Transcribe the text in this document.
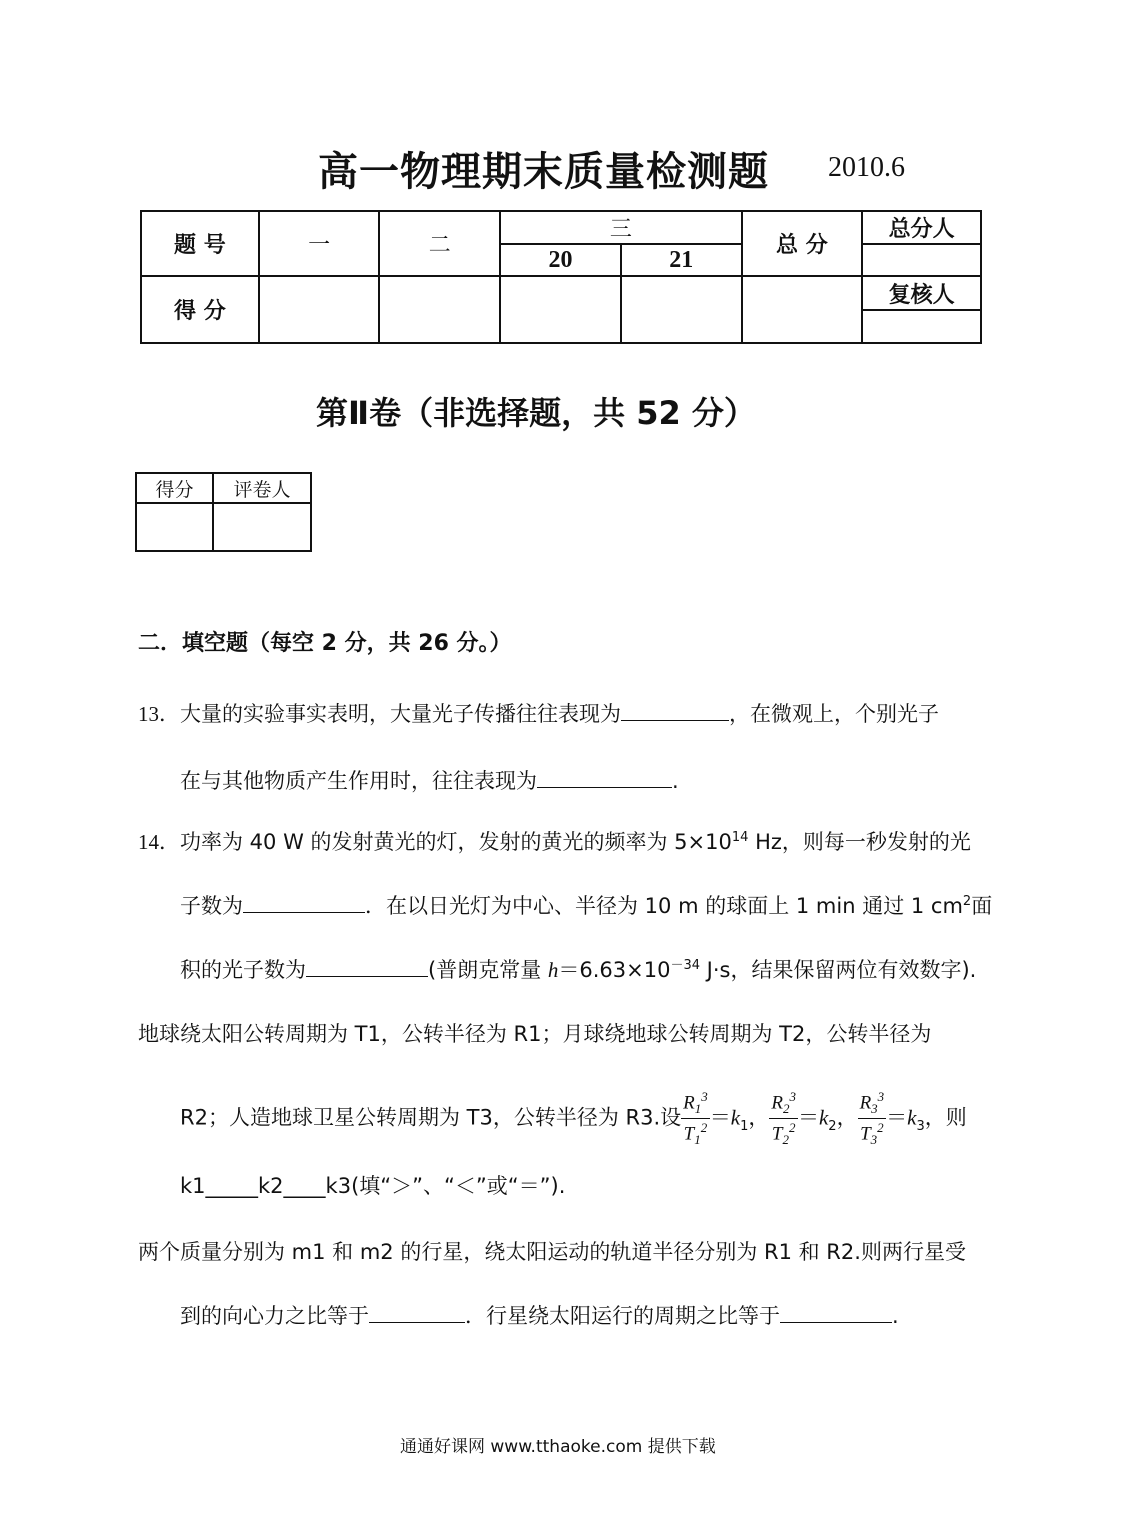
高一物理期末质量检测题 2010.6
题 号	一	二	三		总 分	总分人
			20	21		
得 分						复核人

第Ⅱ卷（非选择题，共 52 分）
得分	评卷人

二．填空题（每空 2 分，共 26 分。）
13．大量的实验事实表明，大量光子传播往往表现为	，在微观上，个别光子
在与其他物质产生作用时，往往表现为	.
14．功率为 40 W 的发射黄光的灯，发射的黄光的频率为 $5\times 10^{14}$ Hz，则每一秒发射的光
子数为	．在以日光灯为中心、半径为 10 m 的球面上 1 min 通过 1 $cm^2$面
积的光子数为	(普朗克常量 $h=6.63\times 10^{-34}$ J·s，结果保留两位有效数字).
地球绕太阳公转周期为 T1，公转半径为 R1；月球绕地球公转周期为 T2，公转半径为
R2；人造地球卫星公转周期为 T3，公转半径为 R3.设 $\frac{R_1^3}{T_1^2} =k_1$， $\frac{R_2^3}{T_2^2} =k_2$， $\frac{R_3^3}{T_3^2} =k_3$，则
k1_____k2____k3(填“＞”、“＜”或“＝”).
两个质量分别为 m1 和 m2 的行星，绕太阳运动的轨道半径分别为 R1 和 R2.则两行星受
到的向心力之比等于	．行星绕太阳运行的周期之比等于	.
通通好课网 www.tthaoke.com 提供下载
